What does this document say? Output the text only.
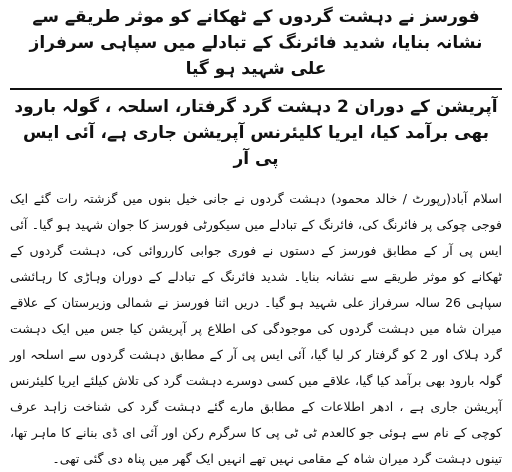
فورسز نے دہشت گردوں کے ٹھکانے کو موثر طریقے سے نشانہ بنایا، شدید فائرنگ کے تبادلے میں سپاہی سرفراز علی شہید ہو گیا
آپریشن کے دوران 2 دہشت گرد گرفتار، اسلحہ ، گولہ بارود بھی برآمد کیا، ایریا کلیئرنس آپریشن جاری ہے، آئی ایس پی آر
اسلام آباد(رپورٹ / خالد محمود) دہشت گردوں نے جانی خیل بنوں میں گزشتہ رات گئے ایک فوجی چوکی پر فائرنگ کی، فائرنگ کے تبادلے میں سیکورٹی فورسز کا جوان شہید ہو گیا۔ آئی ایس پی آر کے مطابق فورسز کے دستوں نے فوری جوابی کارروائی کی، دہشت گردوں کے ٹھکانے کو موثر طریقے سے نشانہ بنایا۔ شدید فائرنگ کے تبادلے کے دوران وہاڑی کا رہائشی سپاہی 26 سالہ سرفراز علی شہید ہو گیا۔ دریں اثنا فورسز نے شمالی وزیرستان کے علاقے میران شاہ میں دہشت گردوں کی موجودگی کی اطلاع پر آپریشن کیا جس میں ایک دہشت گرد ہلاک اور 2 کو گرفتار کر لیا گیا، آئی ایس پی آر کے مطابق دہشت گردوں سے اسلحہ اور گولہ بارود بھی برآمد کیا گیا، علاقے میں کسی دوسرے دہشت گرد کی تلاش کیلئے ایریا کلیئرنس آپریشن جاری ہے ، ادھر اطلاعات کے مطابق مارے گئے دہشت گرد کی شناخت زاہد عرف کوچی کے نام سے ہوئی جو کالعدم ٹی ٹی پی کا سرگرم رکن اور آئی ای ڈی بنانے کا ماہر تھا، تینوں دہشت گرد میران شاہ کے مقامی نہیں تھے انہیں ایک گھر میں پناہ دی گئی تھی۔
